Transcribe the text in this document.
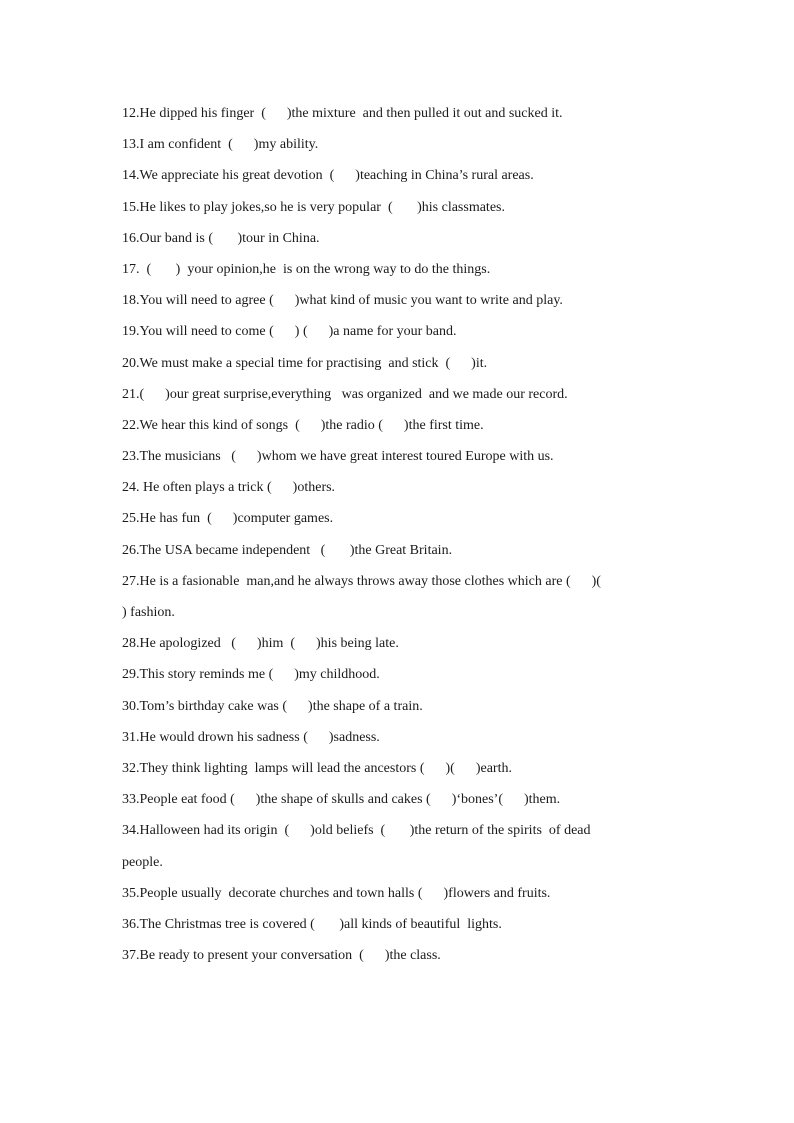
12.He dipped his finger  (      )the mixture  and then pulled it out and sucked it.
13.I am confident  (      )my ability.
14.We appreciate his great devotion  (      )teaching in China’s rural areas.
15.He likes to play jokes,so he is very popular  (       )his classmates.
16.Our band is (       )tour in China.
17.  (       )  your opinion,he  is on the wrong way to do the things.
18.You will need to agree (      )what kind of music you want to write and play.
19.You will need to come (      ) (      )a name for your band.
20.We must make a special time for practising  and stick  (      )it.
21.(      )our great surprise,everything   was organized  and we made our record.
22.We hear this kind of songs  (      )the radio (      )the first time.
23.The musicians   (      )whom we have great interest toured Europe with us.
24. He often plays a trick (      )others.
25.He has fun  (      )computer games.
26.The USA became independent   (       )the Great Britain.
27.He is a fasionable  man,and he always throws away those clothes which are (      )(
) fashion.
28.He apologized   (      )him  (      )his being late.
29.This story reminds me (      )my childhood.
30.Tom’s birthday cake was (      )the shape of a train.
31.He would drown his sadness (      )sadness.
32.They think lighting  lamps will lead the ancestors (      )(      )earth.
33.People eat food (      )the shape of skulls and cakes (      )‘bones’(      )them.
34.Halloween had its origin  (      )old beliefs  (       )the return of the spirits  of dead
people.
35.People usually  decorate churches and town halls (      )flowers and fruits.
36.The Christmas tree is covered (       )all kinds of beautiful  lights.
37.Be ready to present your conversation  (      )the class.
